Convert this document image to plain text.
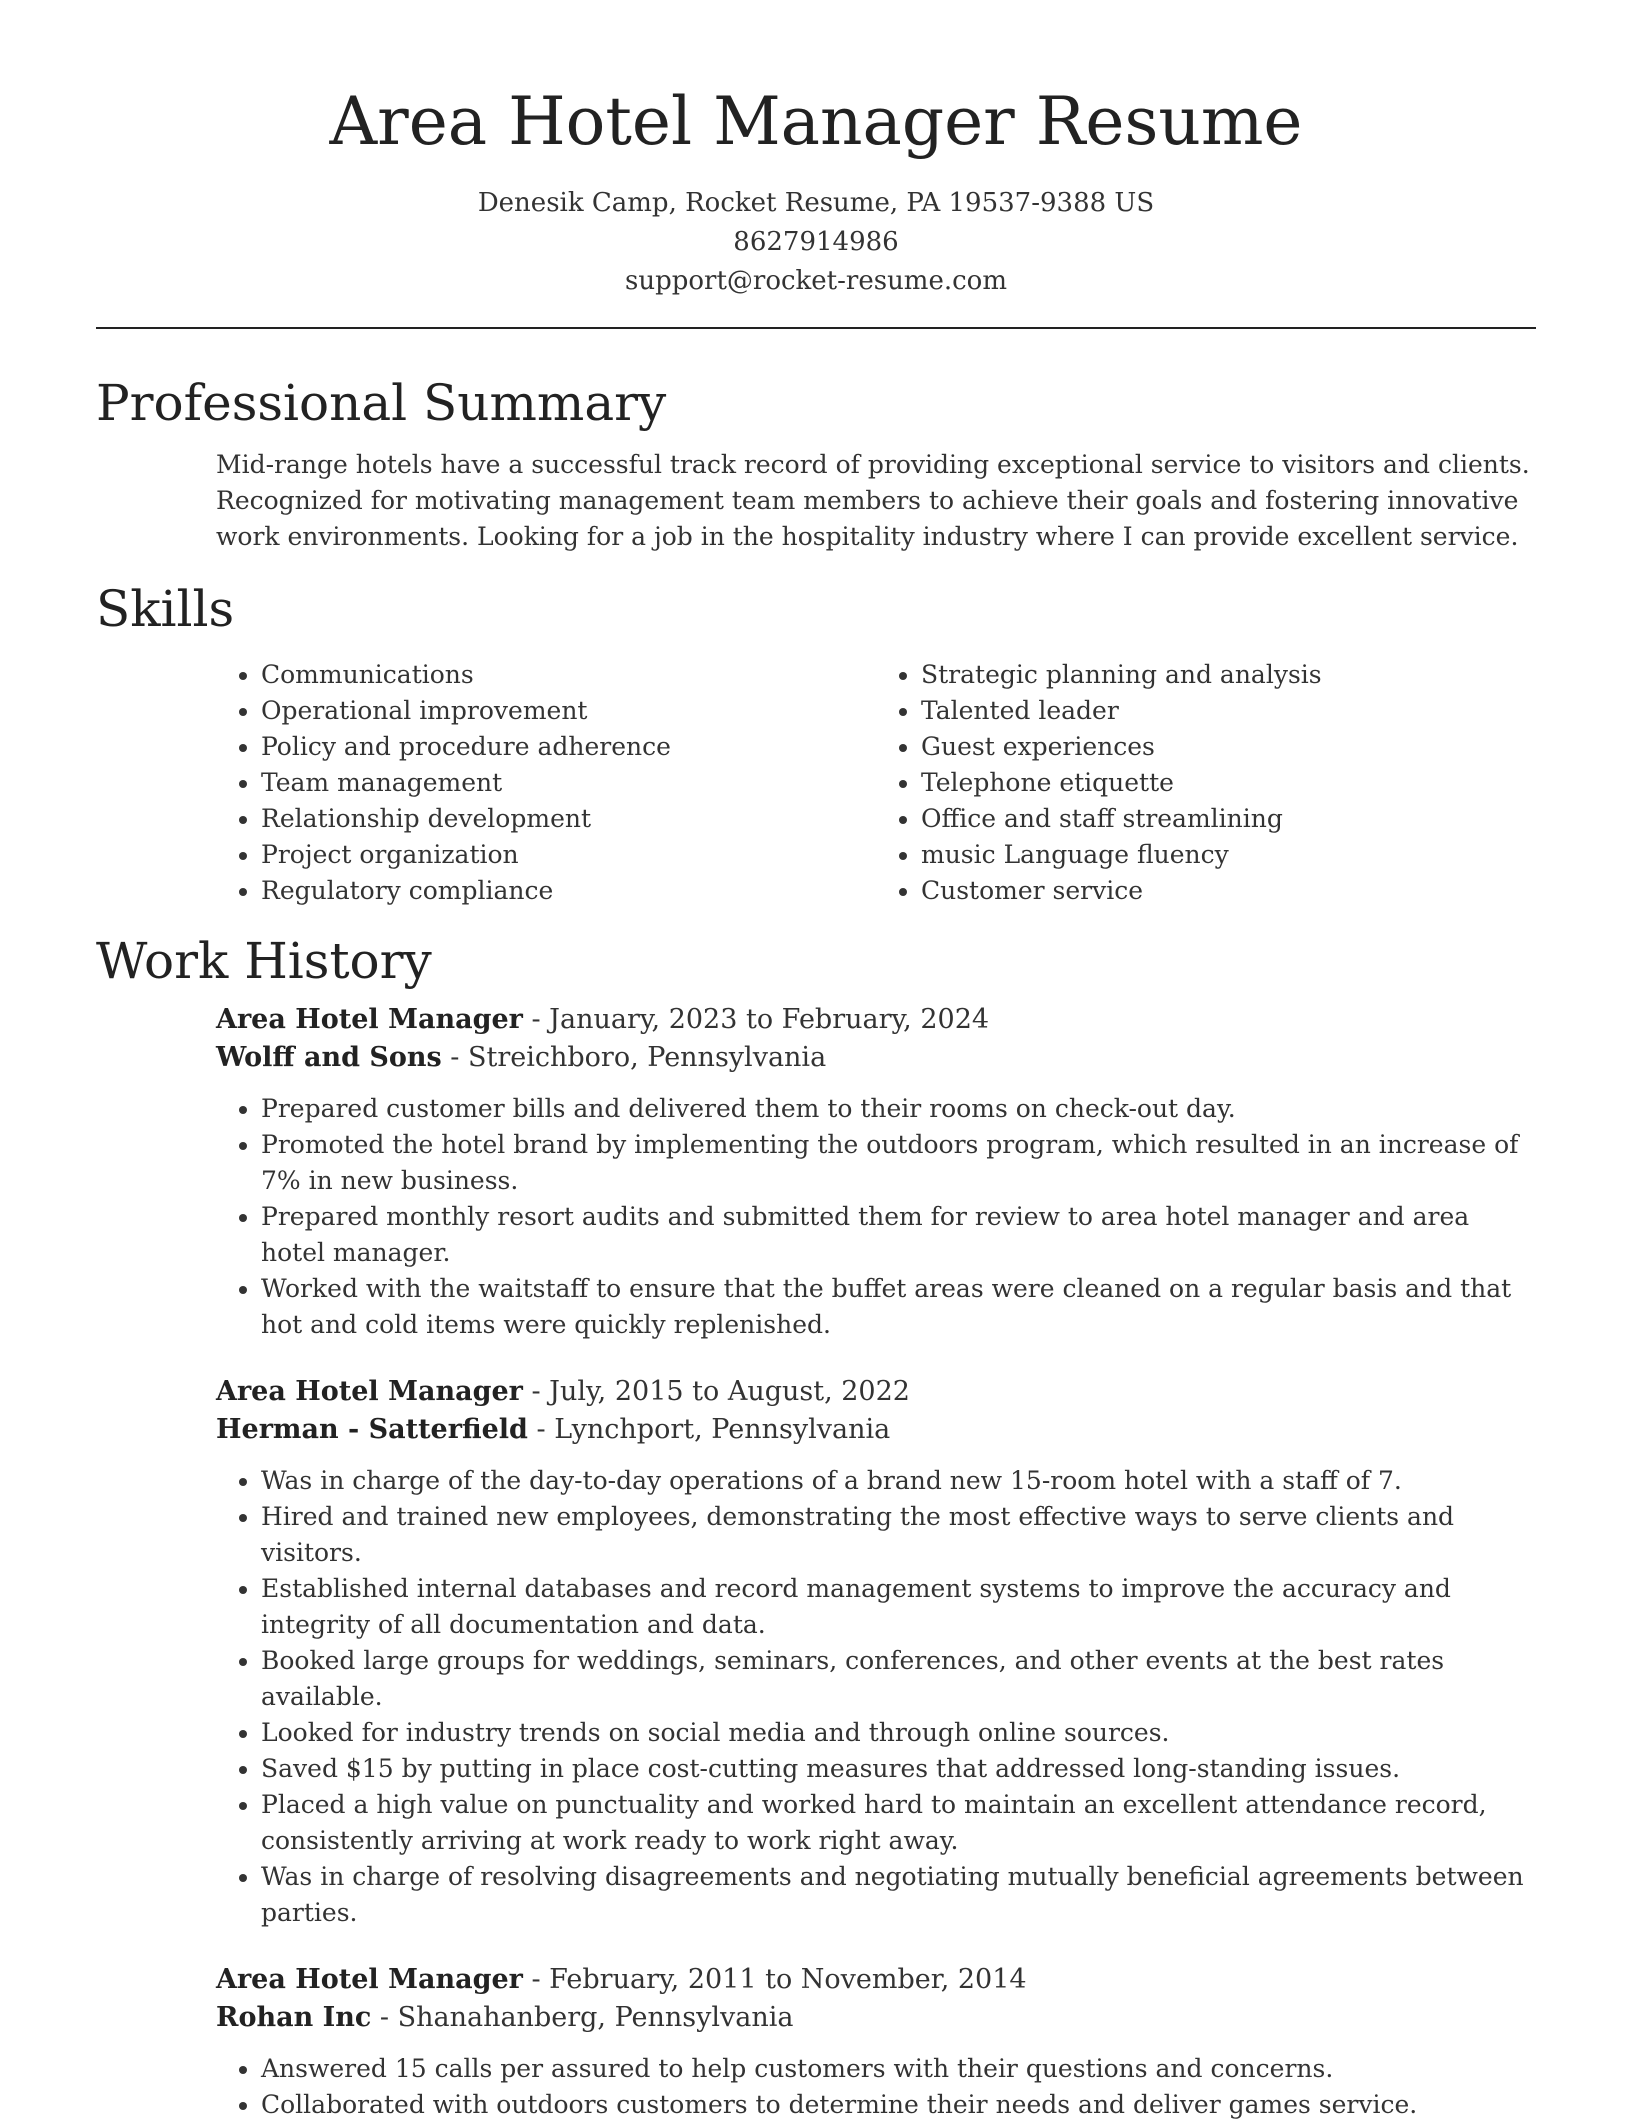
Area Hotel Manager Resume
Denesik Camp, Rocket Resume, PA 19537-9388 US
8627914986
support@rocket-resume.com
Professional Summary

Mid-range hotels have a successful track record of providing exceptional service to visitors and clients. Recognized for motivating management team members to achieve their goals and fostering innovative work environments. Looking for a job in the hospitality industry where I can provide excellent service.

Skills
• Communications
• Operational improvement
• Policy and procedure adherence
• Team management
• Relationship development
• Project organization
• Regulatory compliance
• Strategic planning and analysis
• Talented leader
• Guest experiences
• Telephone etiquette
• Office and staff streamlining
• music Language fluency
• Customer service
Work History
Area Hotel Manager - January, 2023 to February, 2024
Wolff and Sons - Streichboro, Pennsylvania
• Prepared customer bills and delivered them to their rooms on check-out day.
• Promoted the hotel brand by implementing the outdoors program, which resulted in an increase of 7% in new business.
• Prepared monthly resort audits and submitted them for review to area hotel manager and area hotel manager.
• Worked with the waitstaff to ensure that the buffet areas were cleaned on a regular basis and that hot and cold items were quickly replenished.
Area Hotel Manager - July, 2015 to August, 2022
Herman - Satterfield - Lynchport, Pennsylvania
• Was in charge of the day-to-day operations of a brand new 15-room hotel with a staff of 7.
• Hired and trained new employees, demonstrating the most effective ways to serve clients and visitors.
• Established internal databases and record management systems to improve the accuracy and integrity of all documentation and data.
• Booked large groups for weddings, seminars, conferences, and other events at the best rates available.
• Looked for industry trends on social media and through online sources.
• Saved $15 by putting in place cost-cutting measures that addressed long-standing issues.
• Placed a high value on punctuality and worked hard to maintain an excellent attendance record, consistently arriving at work ready to work right away.
• Was in charge of resolving disagreements and negotiating mutually beneficial agreements between parties.
Area Hotel Manager - February, 2011 to November, 2014
Rohan Inc - Shanahanberg, Pennsylvania
• Answered 15 calls per assured to help customers with their questions and concerns.
• Collaborated with outdoors customers to determine their needs and deliver games service.
